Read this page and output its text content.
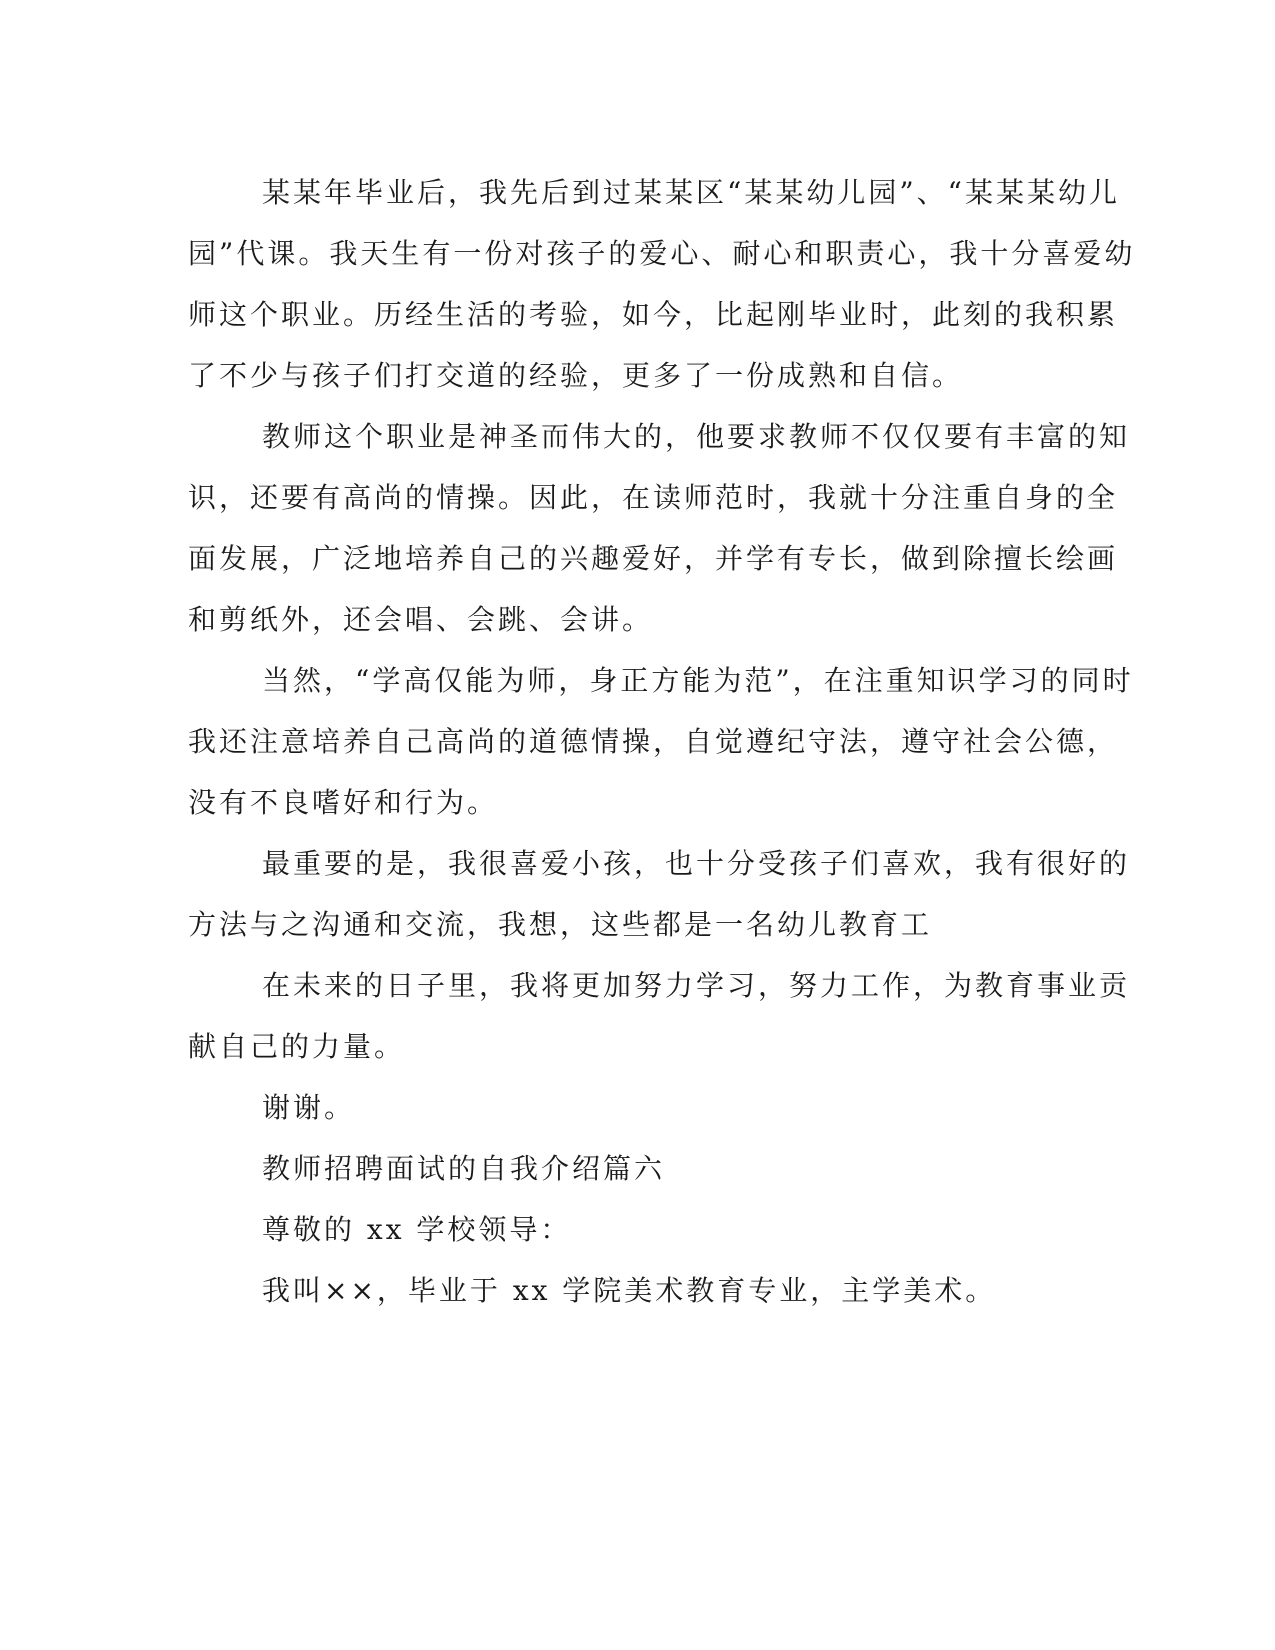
某某年毕业后，我先后到过某某区“某某幼儿园”、“某某某幼儿
园”代课。我天生有一份对孩子的爱心、耐心和职责心，我十分喜爱幼
师这个职业。历经生活的考验，如今，比起刚毕业时，此刻的我积累
了不少与孩子们打交道的经验，更多了一份成熟和自信。
教师这个职业是神圣而伟大的，他要求教师不仅仅要有丰富的知
识，还要有高尚的情操。因此，在读师范时，我就十分注重自身的全
面发展，广泛地培养自己的兴趣爱好，并学有专长，做到除擅长绘画
和剪纸外，还会唱、会跳、会讲。
当然，“学高仅能为师，身正方能为范”，在注重知识学习的同时
我还注意培养自己高尚的道德情操，自觉遵纪守法，遵守社会公德，
没有不良嗜好和行为。
最重要的是，我很喜爱小孩，也十分受孩子们喜欢，我有很好的
方法与之沟通和交流，我想，这些都是一名幼儿教育工
在未来的日子里，我将更加努力学习，努力工作，为教育事业贡
献自己的力量。
谢谢。
教师招聘面试的自我介绍篇六
尊敬的 xx 学校领导：
我叫××，毕业于 xx 学院美术教育专业，主学美术。
